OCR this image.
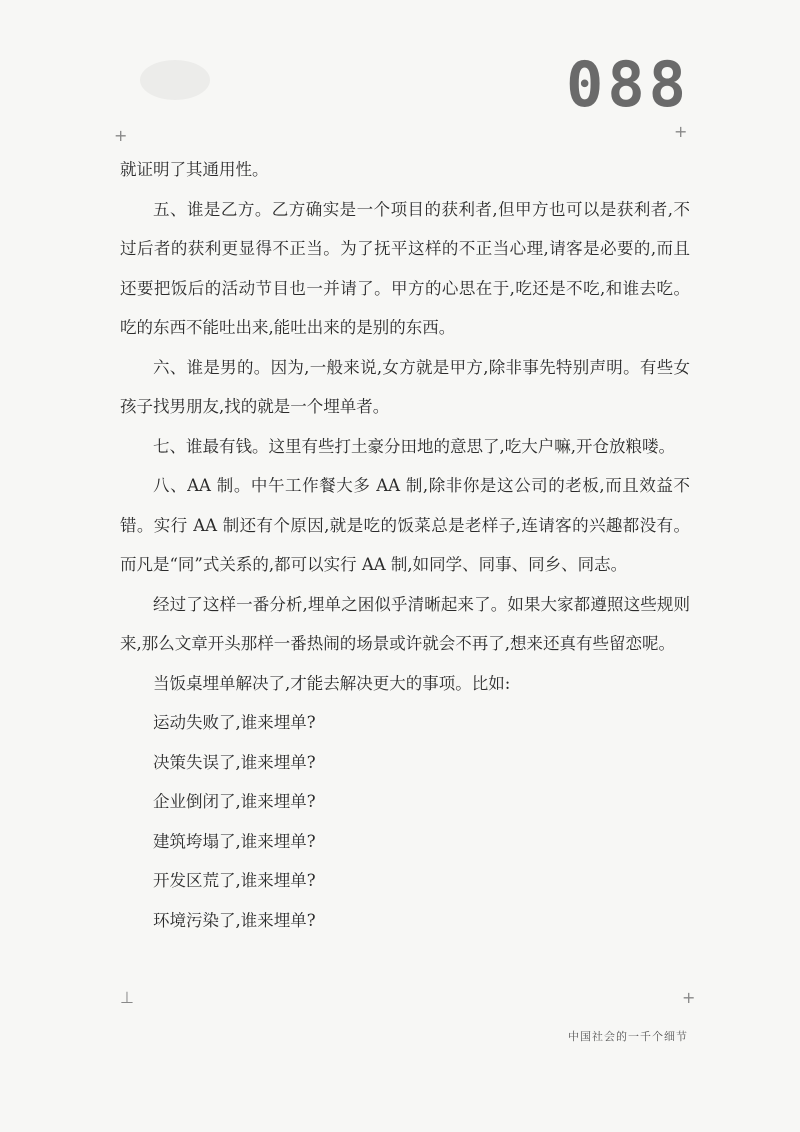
088
+	+
⊥	+

就证明了其通用性。

五、谁是乙方。乙方确实是一个项目的获利者,但甲方也可以是获利者,不过后者的获利更显得不正当。为了抚平这样的不正当心理,请客是必要的,而且还要把饭后的活动节目也一并请了。甲方的心思在于,吃还是不吃,和谁去吃。吃的东西不能吐出来,能吐出来的是别的东西。

六、谁是男的。因为,一般来说,女方就是甲方,除非事先特别声明。有些女孩子找男朋友,找的就是一个埋单者。

七、谁最有钱。这里有些打土豪分田地的意思了,吃大户嘛,开仓放粮喽。

八、AA 制。中午工作餐大多 AA 制,除非你是这公司的老板,而且效益不错。实行 AA 制还有个原因,就是吃的饭菜总是老样子,连请客的兴趣都没有。而凡是“同”式关系的,都可以实行 AA 制,如同学、同事、同乡、同志。

经过了这样一番分析,埋单之困似乎清晰起来了。如果大家都遵照这些规则来,那么文章开头那样一番热闹的场景或许就会不再了,想来还真有些留恋呢。

当饭桌埋单解决了,才能去解决更大的事项。比如:

运动失败了,谁来埋单?

决策失误了,谁来埋单?

企业倒闭了,谁来埋单?

建筑垮塌了,谁来埋单?

开发区荒了,谁来埋单?

环境污染了,谁来埋单?

中国社会的一千个细节
